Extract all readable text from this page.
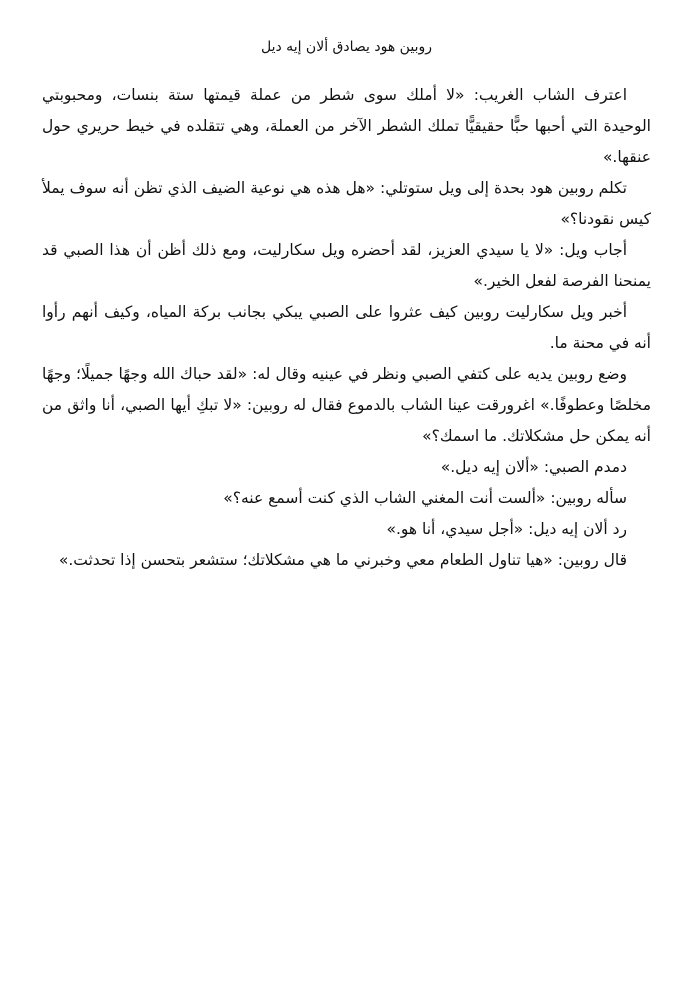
روبين هود يصادق ألان إيه ديل

اعترف الشاب الغريب: «لا أملك سوى شطر من عملة قيمتها ستة بنسات، ومحبوبتي الوحيدة التي أحبها حبًّا حقيقيًّا تملك الشطر الآخر من العملة، وهي تتقلده في خيط حريري حول عنقها.»

تكلم روبين هود بحدة إلى ويل ستوتلي: «هل هذه هي نوعية الضيف الذي تظن أنه سوف يملأ كيس نقودنا؟»

أجاب ويل: «لا يا سيدي العزيز، لقد أحضره ويل سكارليت، ومع ذلك أظن أن هذا الصبي قد يمنحنا الفرصة لفعل الخير.»

أخبر ويل سكارليت روبين كيف عثروا على الصبي يبكي بجانب بركة المياه، وكيف أنهم رأوا أنه في محنة ما.

وضع روبين يديه على كتفي الصبي ونظر في عينيه وقال له: «لقد حباك الله وجهًا جميلًا؛ وجهًا مخلصًا وعطوفًا.» اغرورقت عينا الشاب بالدموع فقال له روبين: «لا تبكِ أيها الصبي، أنا واثق من أنه يمكن حل مشكلاتك. ما اسمك؟»

دمدم الصبي: «ألان إيه ديل.»

سأله روبين: «ألست أنت المغني الشاب الذي كنت أسمع عنه؟»

رد ألان إيه ديل: «أجل سيدي، أنا هو.»

قال روبين: «هيا تناول الطعام معي وخبرني ما هي مشكلاتك؛ ستشعر بتحسن إذا تحدثت.»
